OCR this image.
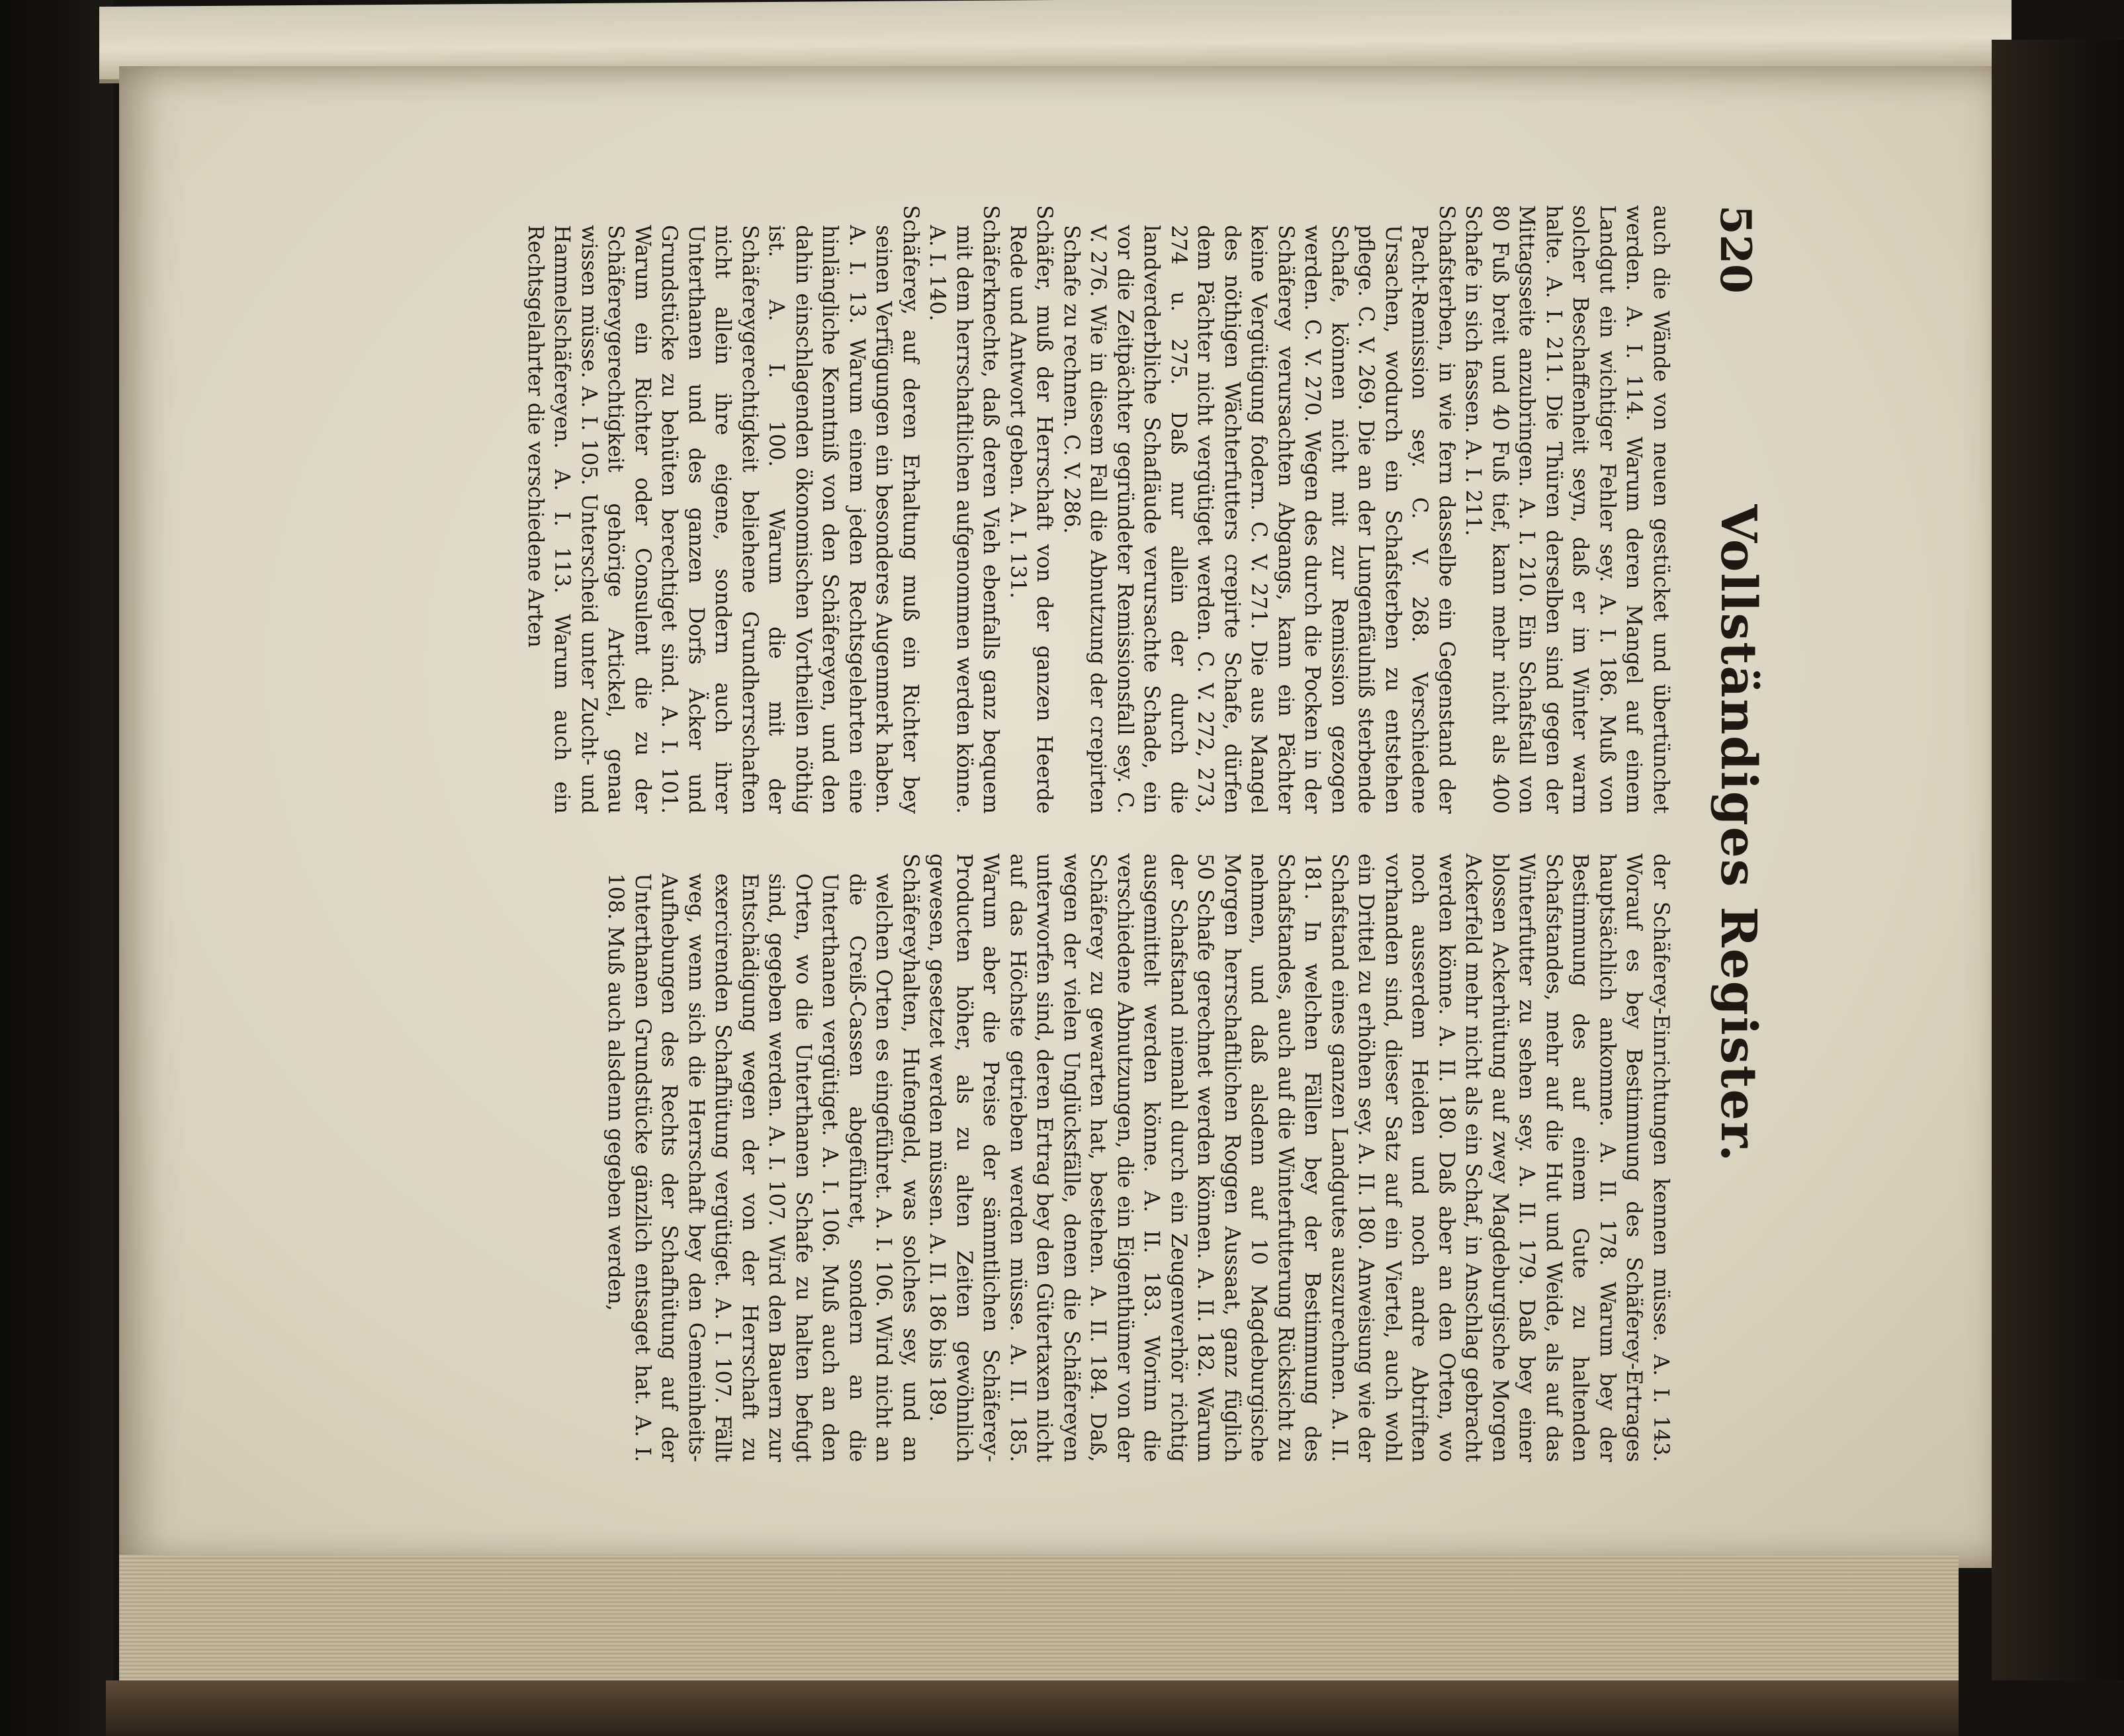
520
Vollständiges Register.

auch die Wände von neuen gestücket und übertünchet werden. A. I. 114. Warum deren Mangel auf einem Landgut ein wichtiger Fehler sey. A. I. 186. Muß von solcher Beschaffenheit seyn, daß er im Winter warm halte. A. I. 211. Die Thüren derselben sind gegen der Mittagsseite anzubringen. A. I. 210. Ein Schafstall von 80 Fuß breit und 40 Fuß tief, kann mehr nicht als 400 Schafe in sich fassen. A. I. 211.

Schafsterben, in wie fern dasselbe ein Gegenstand der Pacht-Remission sey. C. V. 268. Verschiedene Ursachen, wodurch ein Schafsterben zu entstehen pflege. C. V. 269. Die an der Lungenfäulniß sterbende Schafe, können nicht mit zur Remission gezogen werden. C. V. 270. Wegen des durch die Pocken in der Schäferey verursachten Abgangs, kann ein Pächter keine Vergütigung fodern. C. V. 271. Die aus Mangel des nöthigen Wächterfutters crepirte Schafe, dürfen dem Pächter nicht vergütiget werden. C. V. 272, 273, 274 u. 275. Daß nur allein der durch die landverderbliche Schafläude verursachte Schade, ein vor die Zeitpächter gegründeter Remissionsfall sey. C. V. 276. Wie in diesem Fall die Abnutzung der crepirten Schafe zu rechnen. C. V. 286.

Schäfer, muß der Herrschaft von der ganzen Heerde Rede und Antwort geben. A. I. 131.

Schäferknechte, daß deren Vieh ebenfalls ganz bequem mit dem herrschaftlichen aufgenommen werden könne. A. I. 140.

Schäferey, auf deren Erhaltung muß ein Richter bey seinen Verfügungen ein besonderes Augenmerk haben. A. I. 13. Warum einem jeden Rechtsgelehrten eine hinlängliche Kenntniß von den Schäfereyen, und den dahin einschlagenden ökonomischen Vortheilen nöthig ist. A. I. 100. Warum die mit der Schäfereygerechtigkeit beliehene Grundherrschaften nicht allein ihre eigene, sondern auch ihrer Unterthanen und des ganzen Dorfs Äcker und Grundstücke zu behüten berechtiget sind. A. I. 101. Warum ein Richter oder Consulent die zu der Schäfereygerechtigkeit gehörige Artickel, genau wissen müsse. A. I. 105. Unterscheid unter Zucht- und Hammelschäfereyen. A. I. 113. Warum auch ein Rechtsgelahrter die verschiedene Arten

der Schäferey-Einrichtungen kennen müsse. A. I. 143. Worauf es bey Bestimmung des Schäferey-Ertrages hauptsächlich ankomme. A. II. 178. Warum bey der Bestimmung des auf einem Gute zu haltenden Schafstandes, mehr auf die Hut und Weide, als auf das Winterfutter zu sehen sey. A. II. 179. Daß bey einer blossen Ackerhütung auf zwey Magdeburgische Morgen Ackerfeld mehr nicht als ein Schaf, in Anschlag gebracht werden könne. A. II. 180. Daß aber an den Orten, wo noch ausserdem Heiden und noch andre Abtriften vorhanden sind, dieser Satz auf ein Viertel, auch wohl ein Drittel zu erhöhen sey. A. II. 180. Anweisung wie der Schafstand eines ganzen Landgutes auszurechnen. A. II. 181. In welchen Fällen bey der Bestimmung des Schafstandes, auch auf die Winterfutterung Rücksicht zu nehmen, und daß alsdenn auf 10 Magdeburgische Morgen herrschaftlichen Roggen Aussaat, ganz füglich 50 Schafe gerechnet werden können. A. II. 182. Warum der Schafstand niemahl durch ein Zeugenverhör richtig ausgemittelt werden könne. A. II. 183. Worinn die verschiedene Abnutzungen, die ein Eigenthümer von der Schäferey zu gewarten hat, bestehen. A. II. 184. Daß, wegen der vielen Unglücksfälle, denen die Schäfereyen unterworfen sind, deren Ertrag bey den Gütertaxen nicht auf das Höchste getrieben werden müsse. A. II. 185. Warum aber die Preise der sämmtlichen Schäferey-Producten höher, als zu alten Zeiten gewöhnlich gewesen, gesetzet werden müssen. A. II. 186 bis 189.

Schäfereyhalten, Hufengeld, was solches sey, und an welchen Orten es eingeführet. A. I. 106. Wird nicht an die Creiß-Cassen abgeführet, sondern an die Unterthanen vergütiget. A. I. 106. Muß auch an den Orten, wo die Unterthanen Schafe zu halten befugt sind, gegeben werden. A. I. 107. Wird den Bauern zur Entschädigung wegen der von der Herrschaft zu exercirenden Schafhütung vergütiget. A. I. 107. Fällt weg, wenn sich die Herrschaft bey den Gemeinheits-Aufhebungen des Rechts der Schafhütung auf der Unterthanen Grundstücke gänzlich entsaget hat. A. I. 108. Muß auch alsdenn gegeben werden,
